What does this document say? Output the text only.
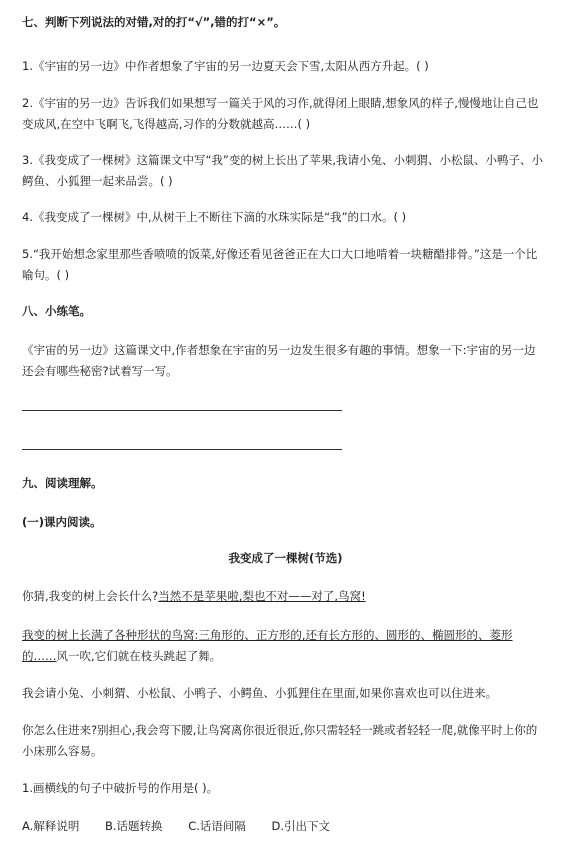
七、判断下列说法的对错,对的打“√”,错的打“×”。
1.《宇宙的另一边》中作者想象了宇宙的另一边夏天会下雪,太阳从西方升起。( )
2.《宇宙的另一边》告诉我们如果想写一篇关于风的习作,就得闭上眼睛,想象风的样子,慢慢地让自己也
变成风,在空中飞啊飞,飞得越高,习作的分数就越高……( )
3.《我变成了一棵树》这篇课文中写“我”变的树上长出了苹果,我请小兔、小刺猬、小松鼠、小鸭子、小
鳄鱼、小狐狸一起来品尝。( )
4.《我变成了一棵树》中,从树干上不断往下滴的水珠实际是“我”的口水。( )
5.“我开始想念家里那些香喷喷的饭菜,好像还看见爸爸正在大口大口地啃着一块糖醋排骨。”这是一个比
喻句。( )
八、小练笔。
《宇宙的另一边》这篇课文中,作者想象在宇宙的另一边发生很多有趣的事情。想象一下:宇宙的另一边
还会有哪些秘密?试着写一写。
九、阅读理解。
(一)课内阅读。
我变成了一棵树(节选)
你猜,我变的树上会长什么?当然不是苹果啦,梨也不对——对了,鸟窝!
我变的树上长满了各种形状的鸟窝:三角形的、正方形的,还有长方形的、圆形的、椭圆形的、菱形
的……风一吹,它们就在枝头跳起了舞。
我会请小兔、小刺猬、小松鼠、小鸭子、小鳄鱼、小狐狸住在里面,如果你喜欢也可以住进来。
你怎么住进来?别担心,我会弯下腰,让鸟窝离你很近很近,你只需轻轻一跳或者轻轻一爬,就像平时上你的
小床那么容易。
1.画横线的句子中破折号的作用是( )。
A.解释说明 B.话题转换 C.话语间隔 D.引出下文
